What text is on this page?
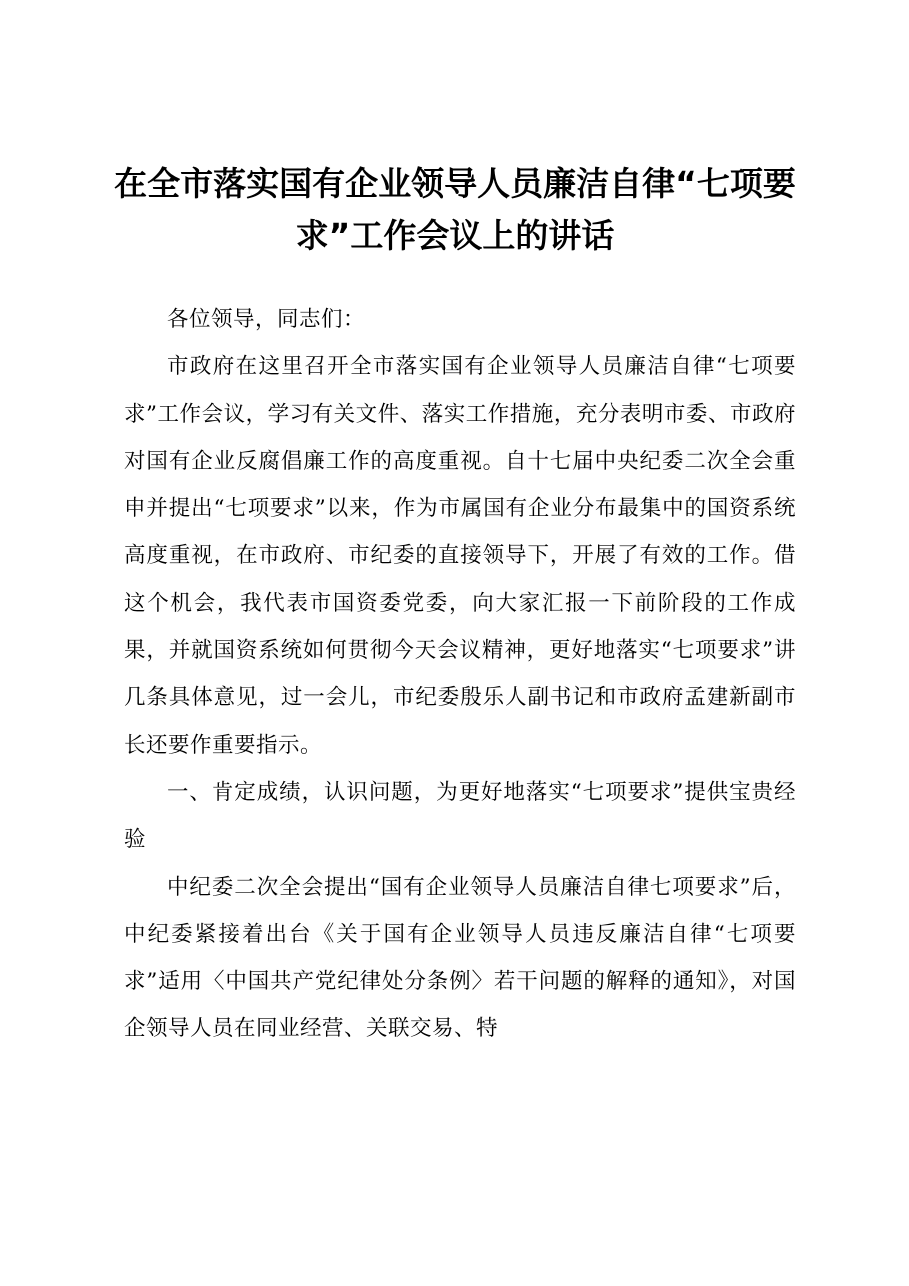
在全市落实国有企业领导人员廉洁自律“七项要求”工作会议上的讲话

各位领导，同志们：

市政府在这里召开全市落实国有企业领导人员廉洁自律“七项要求”工作会议，学习有关文件、落实工作措施，充分表明市委、市政府对国有企业反腐倡廉工作的高度重视。自十七届中央纪委二次全会重申并提出“七项要求”以来，作为市属国有企业分布最集中的国资系统高度重视，在市政府、市纪委的直接领导下，开展了有效的工作。借这个机会，我代表市国资委党委，向大家汇报一下前阶段的工作成果，并就国资系统如何贯彻今天会议精神，更好地落实“七项要求”讲几条具体意见，过一会儿，市纪委殷乐人副书记和市政府孟建新副市长还要作重要指示。

一、肯定成绩，认识问题，为更好地落实“七项要求”提供宝贵经验

中纪委二次全会提出“国有企业领导人员廉洁自律七项要求”后，中纪委紧接着出台《关于国有企业领导人员违反廉洁自律“七项要求”适用〈中国共产党纪律处分条例〉若干问题的解释的通知》，对国企领导人员在同业经营、关联交易、特
